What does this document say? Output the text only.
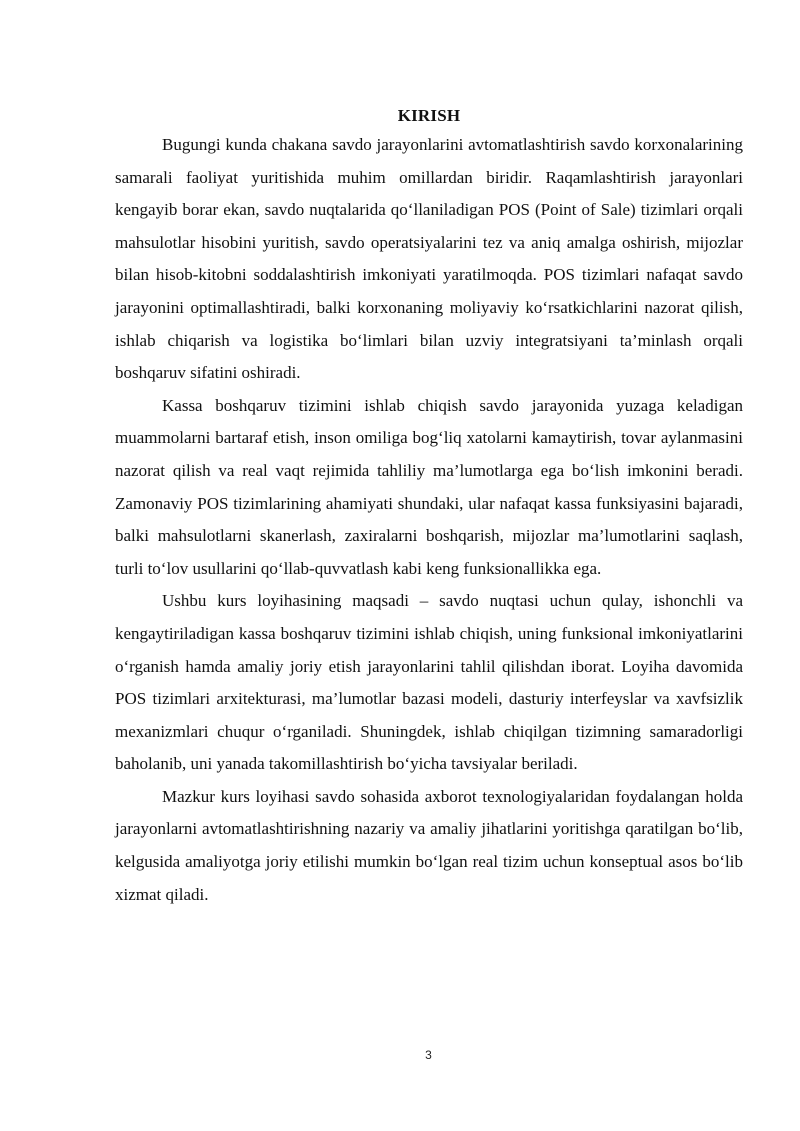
KIRISH

Bugungi kunda chakana savdo jarayonlarini avtomatlashtirish savdo korxonalarining samarali faoliyat yuritishida muhim omillardan biridir. Raqamlashtirish jarayonlari kengayib borar ekan, savdo nuqtalarida qo‘llaniladigan POS (Point of Sale) tizimlari orqali mahsulotlar hisobini yuritish, savdo operatsiyalarini tez va aniq amalga oshirish, mijozlar bilan hisob-kitobni soddalashtirish imkoniyati yaratilmoqda. POS tizimlari nafaqat savdo jarayonini optimallashtiradi, balki korxonaning moliyaviy ko‘rsatkichlarini nazorat qilish, ishlab chiqarish va logistika bo‘limlari bilan uzviy integratsiyani ta’minlash orqali boshqaruv sifatini oshiradi.

Kassa boshqaruv tizimini ishlab chiqish savdo jarayonida yuzaga keladigan muammolarni bartaraf etish, inson omiliga bog‘liq xatolarni kamaytirish, tovar aylanmasini nazorat qilish va real vaqt rejimida tahliliy ma’lumotlarga ega bo‘lish imkonini beradi. Zamonaviy POS tizimlarining ahamiyati shundaki, ular nafaqat kassa funksiyasini bajaradi, balki mahsulotlarni skanerlash, zaxiralarni boshqarish, mijozlar ma’lumotlarini saqlash, turli to‘lov usullarini qo‘llab-quvvatlash kabi keng funksionallikka ega.

Ushbu kurs loyihasining maqsadi – savdo nuqtasi uchun qulay, ishonchli va kengaytiriladigan kassa boshqaruv tizimini ishlab chiqish, uning funksional imkoniyatlarini o‘rganish hamda amaliy joriy etish jarayonlarini tahlil qilishdan iborat. Loyiha davomida POS tizimlari arxitekturasi, ma’lumotlar bazasi modeli, dasturiy interfeyslar va xavfsizlik mexanizmlari chuqur o‘rganiladi. Shuningdek, ishlab chiqilgan tizimning samaradorligi baholanib, uni yanada takomillashtirish bo‘yicha tavsiyalar beriladi.

Mazkur kurs loyihasi savdo sohasida axborot texnologiyalaridan foydalangan holda jarayonlarni avtomatlashtirishning nazariy va amaliy jihatlarini yoritishga qaratilgan bo‘lib, kelgusida amaliyotga joriy etilishi mumkin bo‘lgan real tizim uchun konseptual asos bo‘lib xizmat qiladi.

3
